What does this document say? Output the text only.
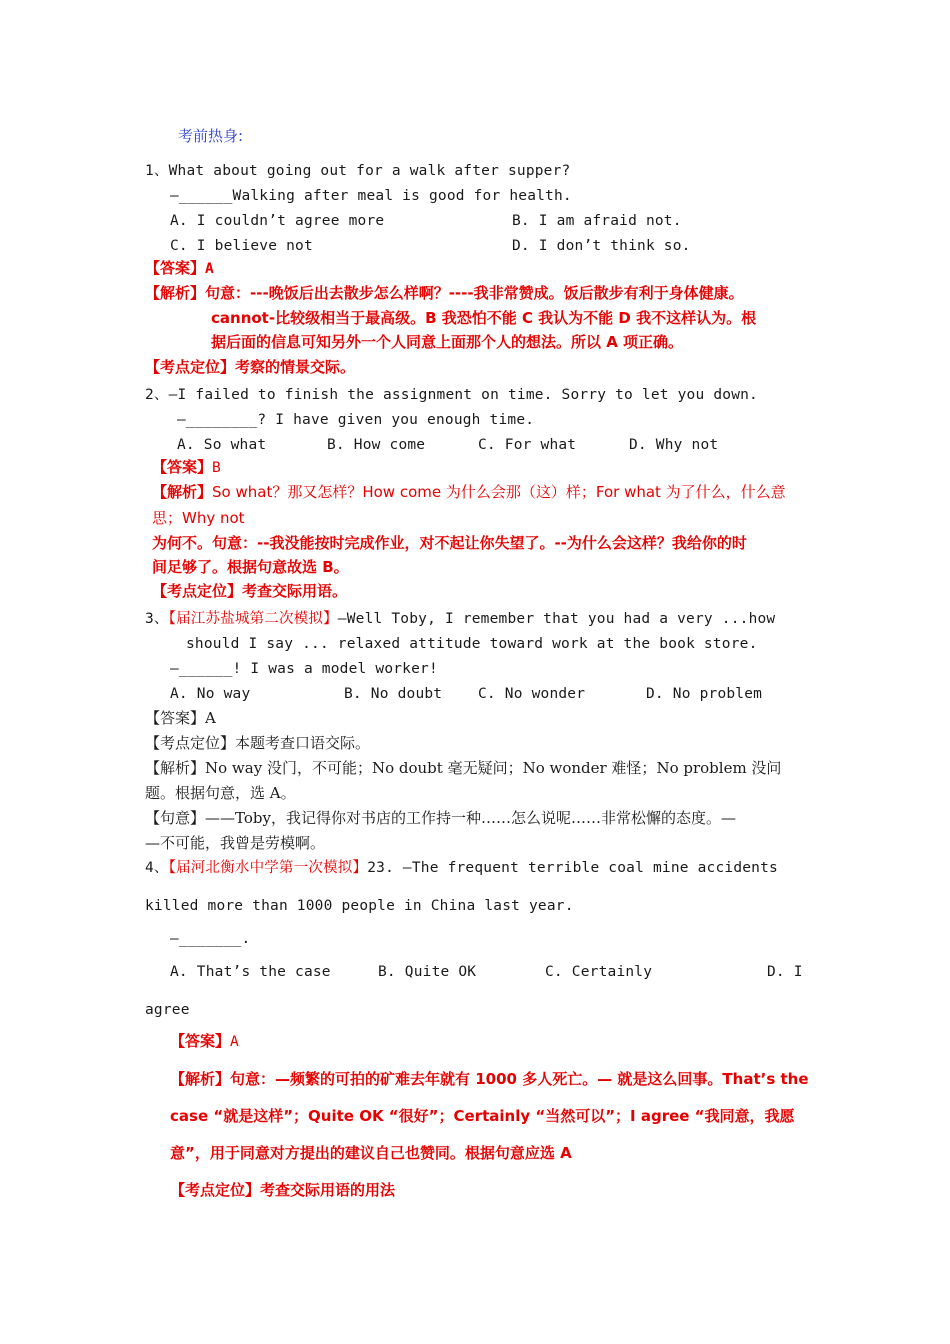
考前热身:
1、What about going out for a walk after supper?
—______Walking after meal is good for health.
A. I couldn’t agree more	B. I am afraid not.
C. I believe not	D. I don’t think so.
【答案】A
【解析】句意：---晚饭后出去散步怎么样啊？----我非常赞成。饭后散步有利于身体健康。
cannot-比较级相当于最高级。B 我恐怕不能 C 我认为不能 D 我不这样认为。根
据后面的信息可知另外一个人同意上面那个人的想法。所以 A 项正确。
【考点定位】考察的情景交际。
2、—I failed to finish the assignment on time. Sorry to let you down.
—________? I have given you enough time.
A. So what	B. How come	C. For what	D. Why not
【答案】B
【解析】So what？那又怎样？How come 为什么会那（这）样；For what 为了什么，什么意
思；Why not
为何不。句意：--我没能按时完成作业，对不起让你失望了。--为什么会这样？我给你的时
间足够了。根据句意故选 B。
【考点定位】考查交际用语。
3、【届江苏盐城第二次模拟】—Well Toby, I remember that you had a very ...how
should I say ... relaxed attitude toward work at the book store.
—______! I was a model worker!
A. No way	B. No doubt C. No wonder	D. No problem
【答案】A
【考点定位】本题考查口语交际。
【解析】No way 没门，不可能；No doubt 毫无疑问；No wonder 难怪；No problem 没问
题。根据句意，选 A。
【句意】——Toby，我记得你对书店的工作持一种……怎么说呢……非常松懈的态度。—
—不可能，我曾是劳模啊。
4、【届河北衡水中学第一次模拟】23. —The frequent terrible coal mine accidents
killed more than 1000 people in China last year.
—_______.
A. That’s the case	B. Quite OK	C. Certainly	D. I
agree
【答案】A
【解析】句意：—频繁的可拍的矿难去年就有 1000 多人死亡。— 就是这么回事。That’s the
case “就是这样”；Quite OK “很好”；Certainly “当然可以”；I agree “我同意，我愿
意”，用于同意对方提出的建议自己也赞同。根据句意应选 A
【考点定位】考查交际用语的用法
